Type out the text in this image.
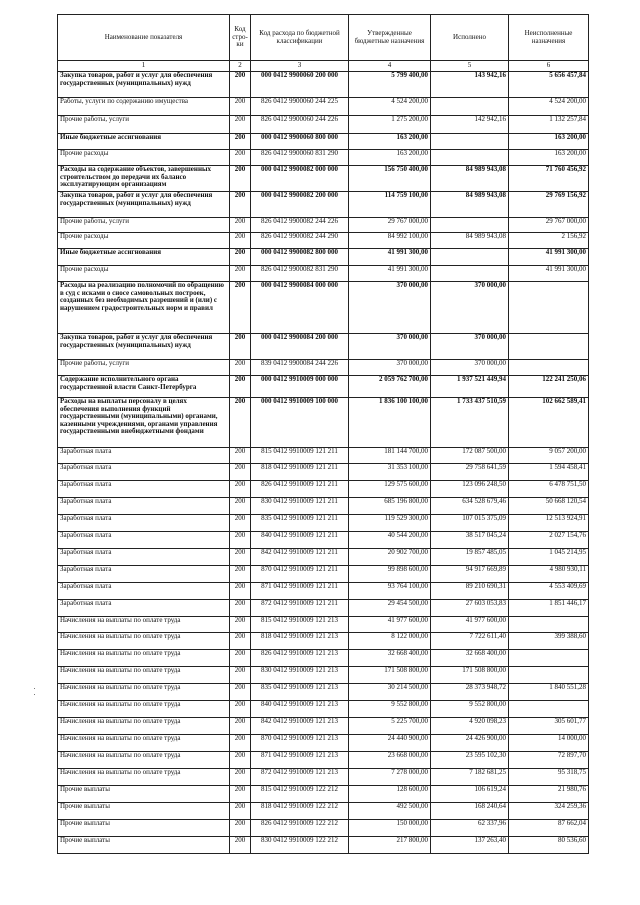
Наименование показателя	Код стро-ки	Код расхода по бюджетной классификации	Утвержденные бюджетные назначения	Исполнено	Неисполненные назначения
1	2	3	4	5	6
Закупка товаров, работ и услуг для обеспечения государственных (муниципальных) нужд	200	000 0412 9900060 200 000	5 799 400,00	143 942,16	5 656 457,84
Работы, услуги по содержанию имущества	200	826 0412 9900060 244 225	4 524 200,00		4 524 200,00
Прочие работы, услуги	200	826 0412 9900060 244 226	1 275 200,00	142 942,16	1 132 257,84
Иные бюджетные ассигнования	200	000 0412 9900060 800 000	163 200,00		163 200,00
Прочие расходы	200	826 0412 9900060 831 290	163 200,00		163 200,00
Расходы на содержание объектов, завершенных строительством до передачи их балансо эксплуатирующим организациям	200	000 0412 9900082 000 000	156 750 400,00	84 989 943,08	71 760 456,92
Закупка товаров, работ и услуг для обеспечения государственных (муниципальных) нужд	200	000 0412 9900082 200 000	114 759 100,00	84 989 943,08	29 769 156,92
Прочие работы, услуги	200	826 0412 9900082 244 226	29 767 000,00		29 767 000,00
Прочие расходы	200	826 0412 9900082 244 290	84 992 100,00	84 989 943,08	2 156,92
Иные бюджетные ассигнования	200	000 0412 9900082 800 000	41 991 300,00		41 991 300,00
Прочие расходы	200	826 0412 9900082 831 290	41 991 300,00		41 991 300,00
Расходы на реализацию полномочий по обращению в суд с исками о сносе самовольных построек, созданных без необходимых разрешений и (или) с нарушением градостроительных норм и правил	200	000 0412 9900084 000 000	370 000,00	370 000,00	
Закупка товаров, работ и услуг для обеспечения государственных (муниципальных) нужд	200	000 0412 9900084 200 000	370 000,00	370 000,00	
Прочие работы, услуги	200	839 0412 9900084 244 226	370 000,00	370 000,00	
Содержание исполнительного органа государственной власти Санкт-Петербурга	200	000 0412 9910009 000 000	2 059 762 700,00	1 937 521 449,94	122 241 250,06
Расходы на выплаты персоналу в целях обеспечения выполнения функций государственными (муниципальными) органами, казенными учреждениями, органами управления государственными внебюджетными фондами	200	000 0412 9910009 100 000	1 836 100 100,00	1 733 437 510,59	102 662 589,41
Заработная плата	200	815 0412 9910009 121 211	181 144 700,00	172 087 500,00	9 057 200,00
Заработная плата	200	818 0412 9910009 121 211	31 353 100,00	29 758 641,59	1 594 458,41
Заработная плата	200	826 0412 9910009 121 211	129 575 600,00	123 096 248,50	6 478 751,50
Заработная плата	200	830 0412 9910009 121 211	685 196 800,00	634 528 679,46	50 668 120,54
Заработная плата	200	835 0412 9910009 121 211	119 529 300,00	107 015 375,09	12 513 924,91
Заработная плата	200	840 0412 9910009 121 211	40 544 200,00	38 517 045,24	2 027 154,76
Заработная плата	200	842 0412 9910009 121 211	20 902 700,00	19 857 485,05	1 045 214,95
Заработная плата	200	870 0412 9910009 121 211	99 898 600,00	94 917 669,89	4 980 930,11
Заработная плата	200	871 0412 9910009 121 211	93 764 100,00	89 210 690,31	4 553 409,69
Заработная плата	200	872 0412 9910009 121 211	29 454 500,00	27 603 053,83	1 851 446,17
Начисления на выплаты по оплате труда	200	815 0412 9910009 121 213	41 977 600,00	41 977 600,00	
Начисления на выплаты по оплате труда	200	818 0412 9910009 121 213	8 122 000,00	7 722 611,40	399 388,60
Начисления на выплаты по оплате труда	200	826 0412 9910009 121 213	32 668 400,00	32 668 400,00	
Начисления на выплаты по оплате труда	200	830 0412 9910009 121 213	171 508 800,00	171 508 800,00	
Начисления на выплаты по оплате труда	200	835 0412 9910009 121 213	30 214 500,00	28 373 948,72	1 840 551,28
Начисления на выплаты по оплате труда	200	840 0412 9910009 121 213	9 552 800,00	9 552 800,00	
Начисления на выплаты по оплате труда	200	842 0412 9910009 121 213	5 225 700,00	4 920 098,23	305 601,77
Начисления на выплаты по оплате труда	200	870 0412 9910009 121 213	24 440 900,00	24 426 900,00	14 000,00
Начисления на выплаты по оплате труда	200	871 0412 9910009 121 213	23 668 000,00	23 595 102,30	72 897,70
Начисления на выплаты по оплате труда	200	872 0412 9910009 121 213	7 278 000,00	7 182 681,25	95 318,75
Прочие выплаты	200	815 0412 9910009 122 212	128 600,00	106 619,24	21 980,76
Прочие выплаты	200	818 0412 9910009 122 212	492 500,00	168 240,64	324 259,36
Прочие выплаты	200	826 0412 9910009 122 212	150 000,00	62 337,96	87 662,04
Прочие выплаты	200	830 0412 9910009 122 212	217 800,00	137 263,40	80 536,60
